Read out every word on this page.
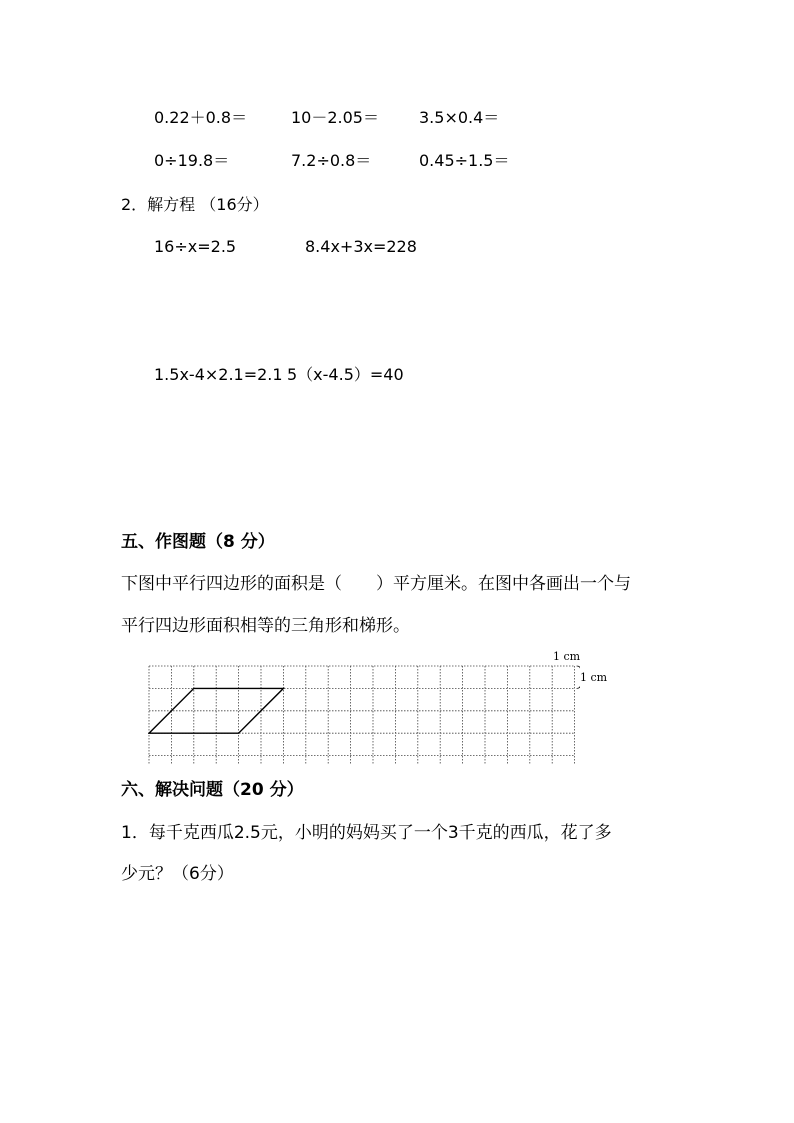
0.22＋0.8＝	10－2.05＝	3.5×0.4＝
0÷19.8＝	7.2÷0.8＝	0.45÷1.5＝
2．解方程 （16分）
16÷x=2.5	8.4x+3x=228
1.5x-4×2.1=2.1 5（x-4.5）=40
五、作图题（8 分）
下图中平行四边形的面积是（　　）平方厘米。在图中各画出一个与
平行四边形面积相等的三角形和梯形。
1 cm
1 cm
六、解决问题（20 分）
1．每千克西瓜2.5元，小明的妈妈买了一个3千克的西瓜，花了多
少元？（6分）
